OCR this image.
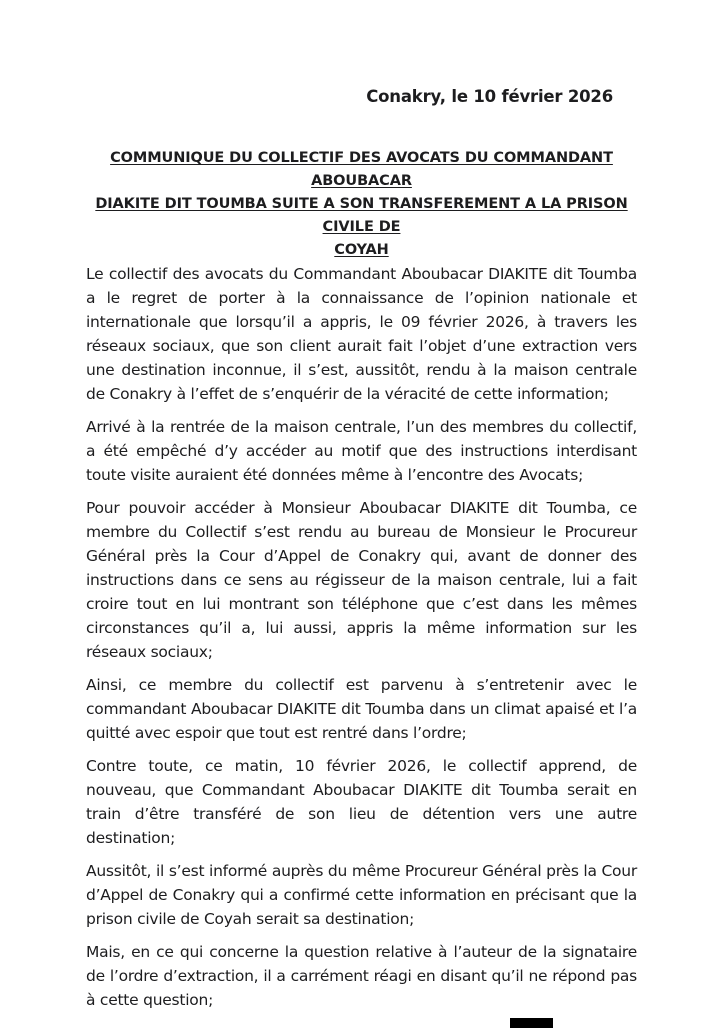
Conakry, le 10 février 2026
COMMUNIQUE DU COLLECTIF DES AVOCATS DU COMMANDANT ABOUBACAR
DIAKITE DIT TOUMBA SUITE A SON TRANSFEREMENT A LA PRISON CIVILE DE
COYAH

Le collectif des avocats du Commandant Aboubacar DIAKITE dit Toumba a le regret de porter à la connaissance de l’opinion nationale et internationale que lorsqu’il a appris, le 09 février 2026, à travers les réseaux sociaux, que son client aurait fait l’objet d’une extraction vers une destination inconnue, il s’est, aussitôt, rendu à la maison centrale de Conakry à l’effet de s’enquérir de la véracité de cette information;

Arrivé à la rentrée de la maison centrale, l’un des membres du collectif, a été empêché d’y accéder au motif que des instructions interdisant toute visite auraient été données même à l’encontre des Avocats;

Pour pouvoir accéder à Monsieur Aboubacar DIAKITE dit Toumba, ce membre du Collectif s’est rendu au bureau de Monsieur le Procureur Général près la Cour d’Appel de Conakry qui, avant de donner des instructions dans ce sens au régisseur de la maison centrale, lui a fait croire tout en lui montrant son téléphone que c’est dans les mêmes circonstances qu’il a, lui aussi, appris la même information sur les réseaux sociaux;

Ainsi, ce membre du collectif est parvenu à s’entretenir avec le commandant Aboubacar DIAKITE dit Toumba dans un climat apaisé et l’a quitté avec espoir que tout est rentré dans l’ordre;

Contre toute, ce matin, 10 février 2026, le collectif apprend, de nouveau, que Commandant Aboubacar DIAKITE dit Toumba serait en train d’être transféré de son lieu de détention vers une autre destination;

Aussitôt, il s’est informé auprès du même Procureur Général près la Cour d’Appel de Conakry qui a confirmé cette information en précisant que la prison civile de Coyah serait sa destination;

Mais, en ce qui concerne la question relative à l’auteur de la signataire de l’ordre d’extraction, il a carrément réagi en disant qu’il ne répond pas à cette question;
